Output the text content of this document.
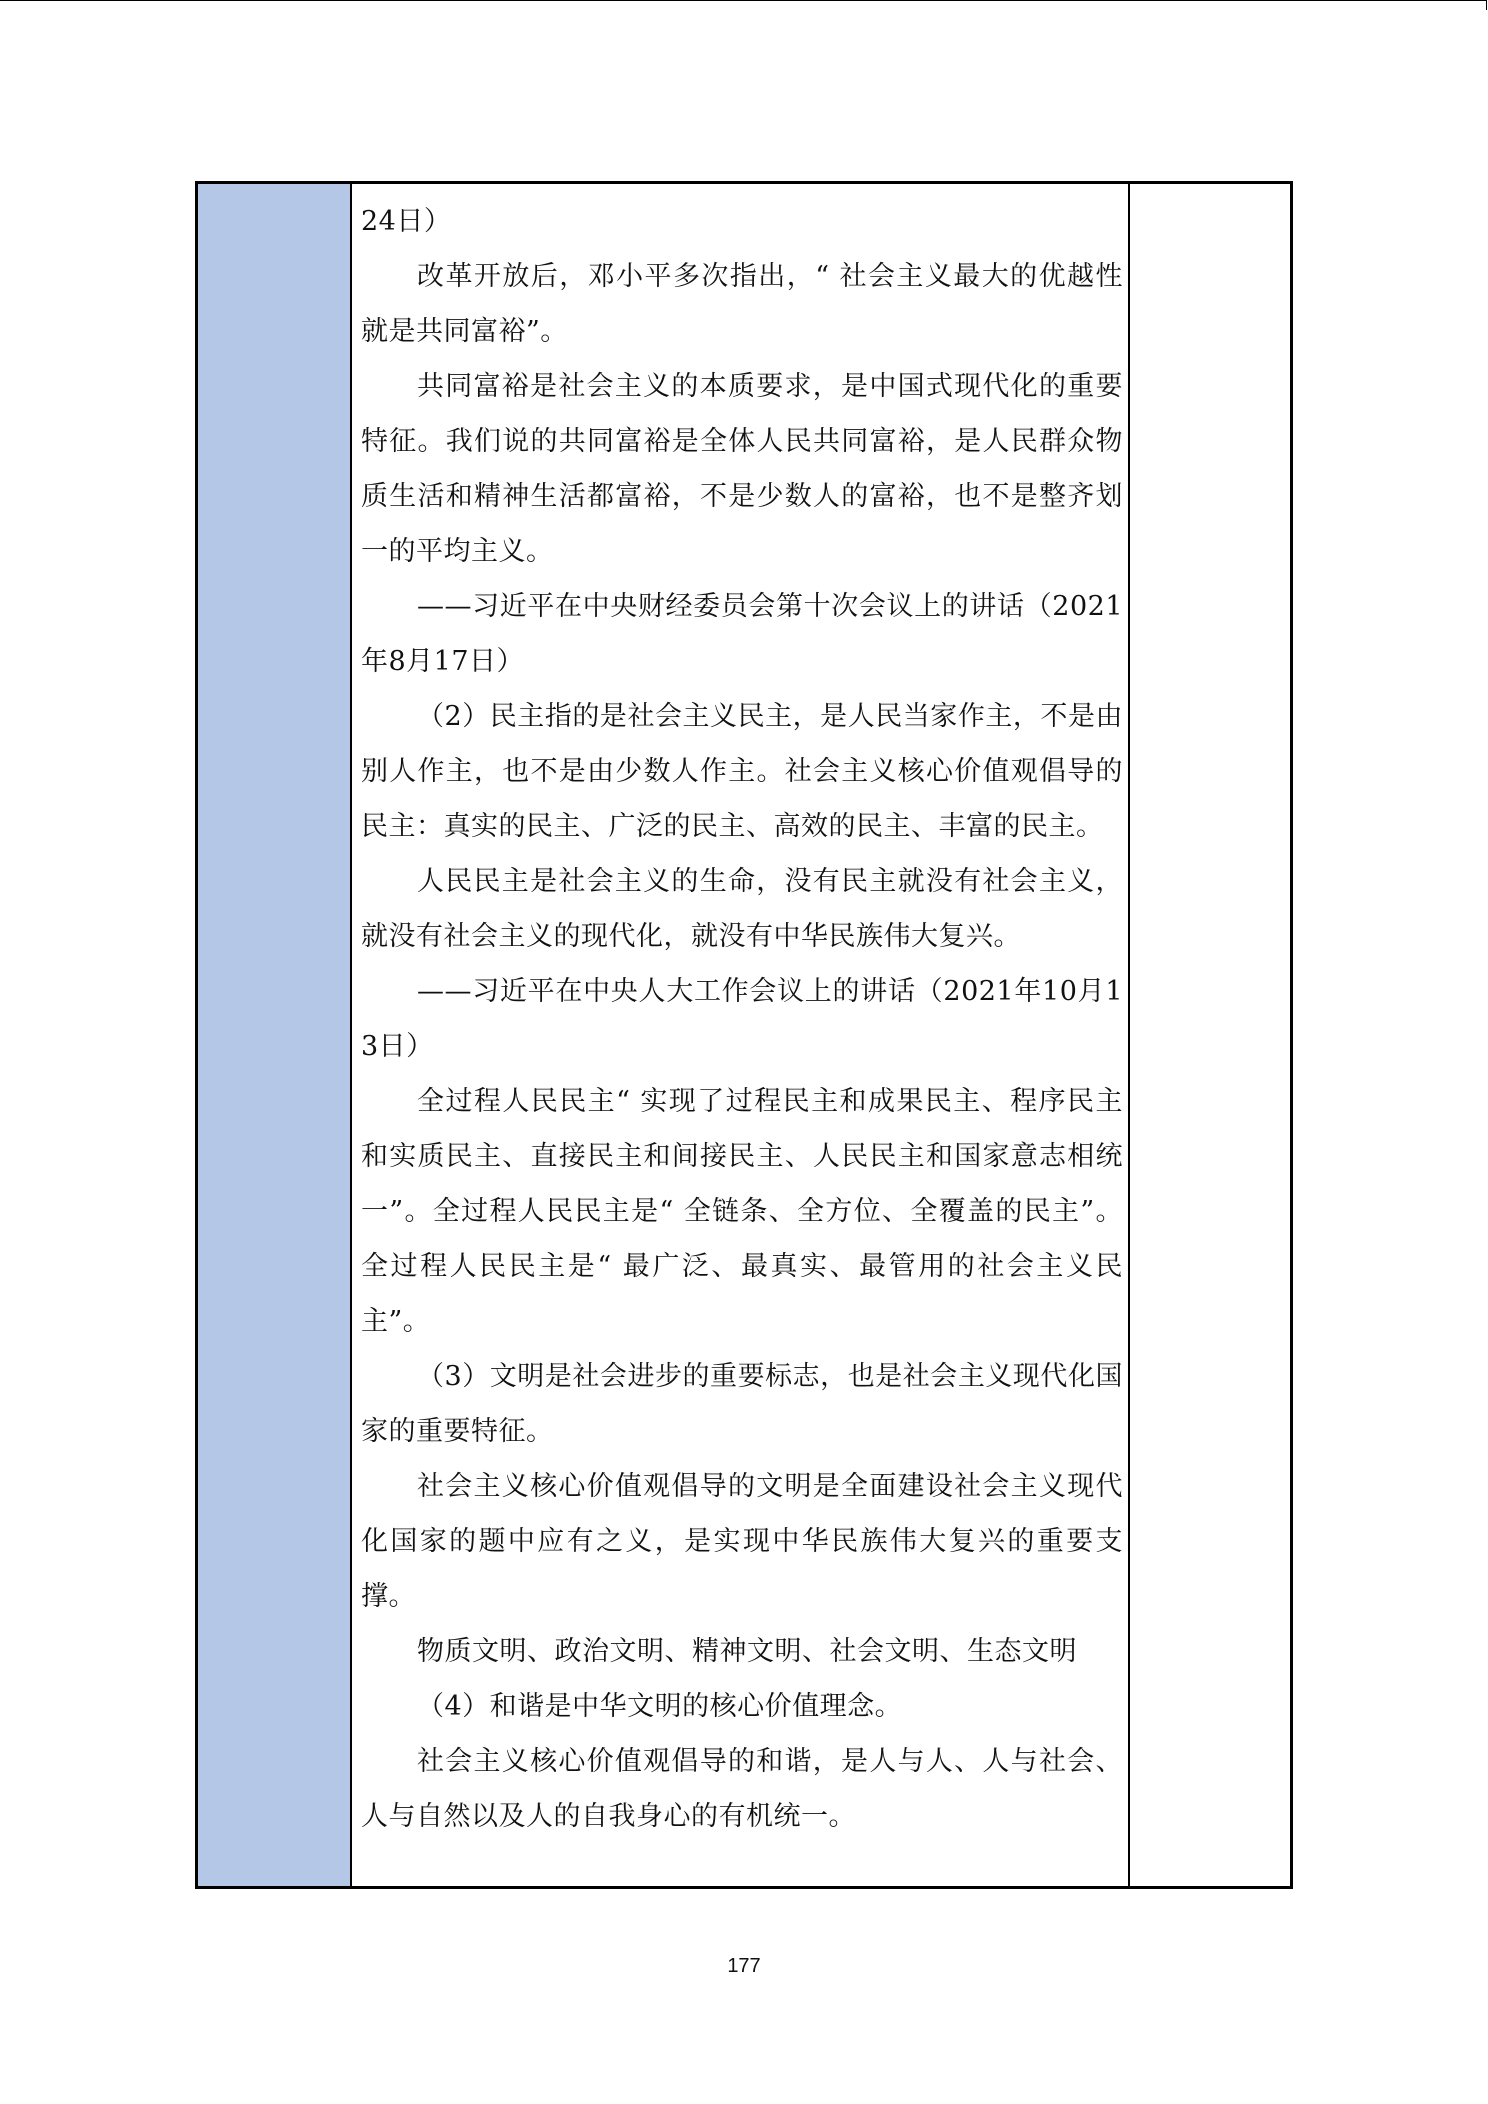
24日）

改革开放后，邓小平多次指出，“ 社会主义最大的优越性就是共同富裕”。

共同富裕是社会主义的本质要求，是中国式现代化的重要特征。我们说的共同富裕是全体人民共同富裕，是人民群众物质生活和精神生活都富裕，不是少数人的富裕，也不是整齐划一的平均主义。

——习近平在中央财经委员会第十次会议上的讲话（2021年8月17日）

（2）民主指的是社会主义民主，是人民当家作主，不是由别人作主，也不是由少数人作主。社会主义核心价值观倡导的民主：真实的民主、广泛的民主、高效的民主、丰富的民主。

人民民主是社会主义的生命，没有民主就没有社会主义，就没有社会主义的现代化，就没有中华民族伟大复兴。

——习近平在中央人大工作会议上的讲话（2021年10月13日）

全过程人民民主“ 实现了过程民主和成果民主、程序民主和实质民主、直接民主和间接民主、人民民主和国家意志相统一”。全过程人民民主是“ 全链条、全方位、全覆盖的民主”。全过程人民民主是“ 最广泛、最真实、最管用的社会主义民主”。

（3）文明是社会进步的重要标志，也是社会主义现代化国家的重要特征。

社会主义核心价值观倡导的文明是全面建设社会主义现代化国家的题中应有之义，是实现中华民族伟大复兴的重要支撑。

物质文明、政治文明、精神文明、社会文明、生态文明

（4）和谐是中华文明的核心价值理念。

社会主义核心价值观倡导的和谐，是人与人、人与社会、人与自然以及人的自我身心的有机统一。

177
